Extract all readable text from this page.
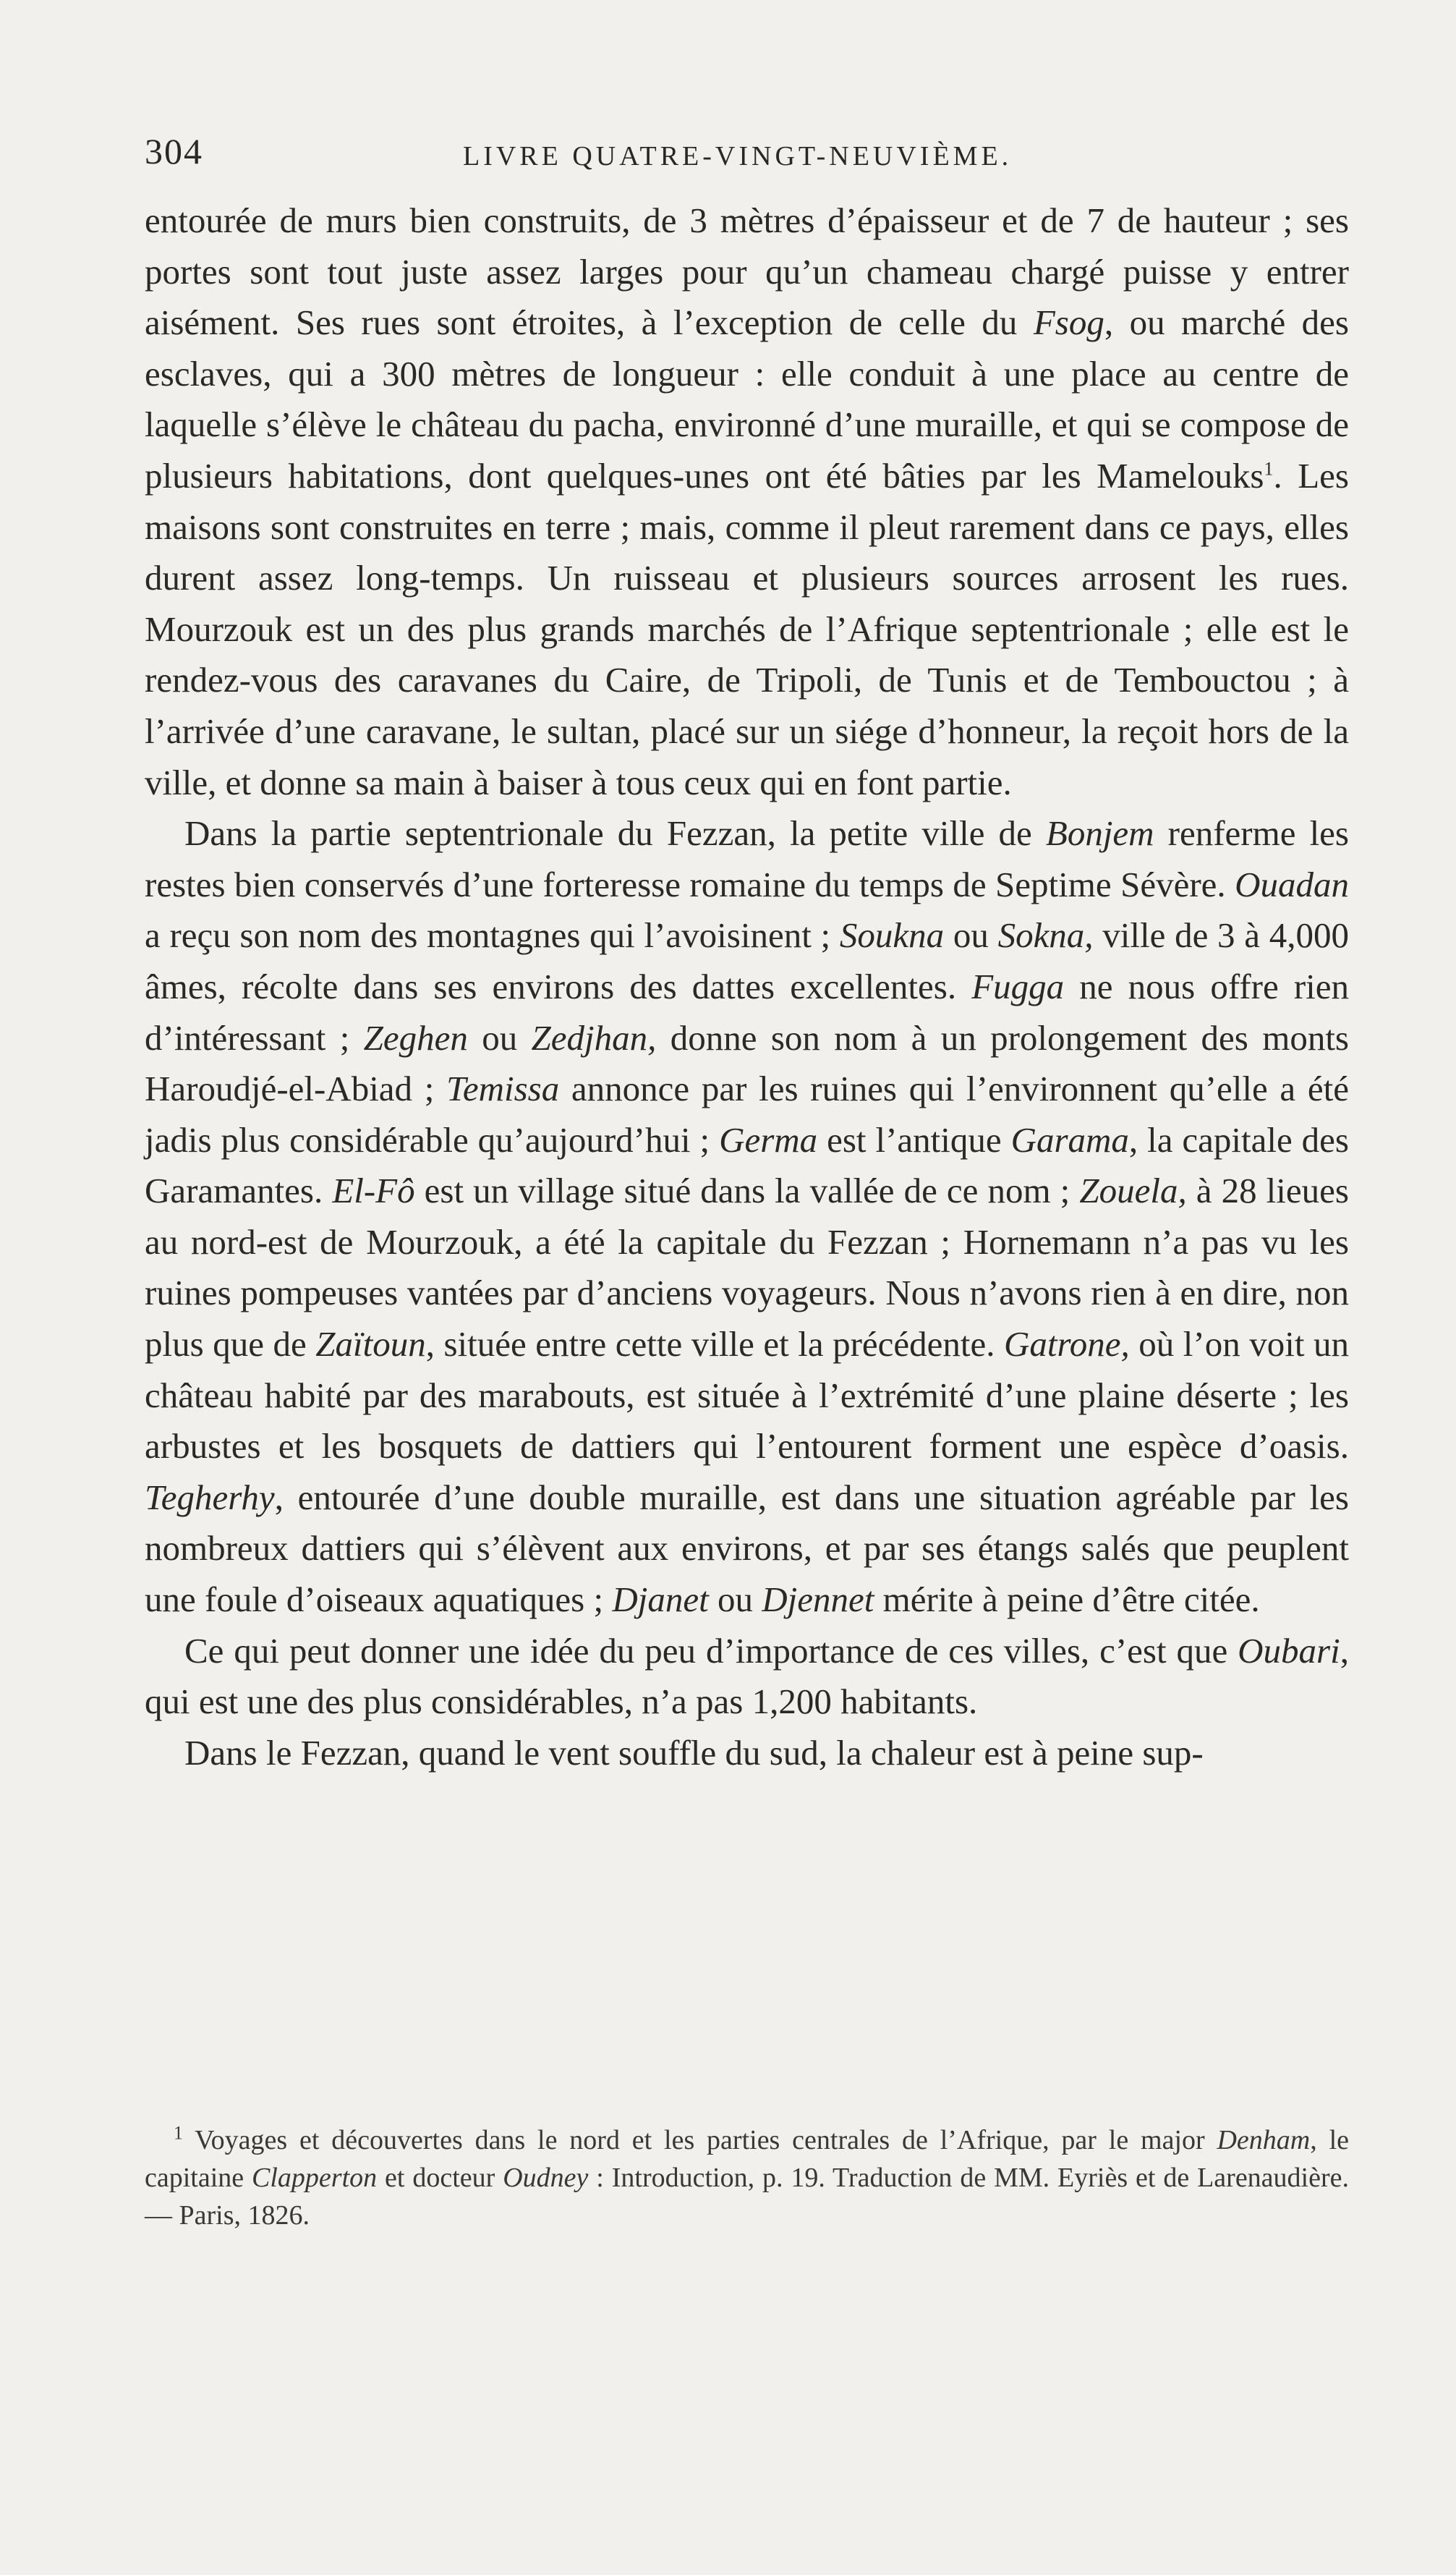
304	LIVRE QUATRE-VINGT-NEUVIÈME.

entourée de murs bien construits, de 3 mètres d’épaisseur et de 7 de hauteur ; ses portes sont tout juste assez larges pour qu’un chameau chargé puisse y entrer aisément. Ses rues sont étroites, à l’exception de celle du Fsog, ou marché des esclaves, qui a 300 mètres de longueur : elle conduit à une place au centre de laquelle s’élève le château du pacha, environné d’une muraille, et qui se compose de plusieurs habitations, dont quelques-unes ont été bâties par les Mamelouks$^1$. Les maisons sont construites en terre ; mais, comme il pleut rarement dans ce pays, elles durent assez long-temps. Un ruisseau et plusieurs sources arrosent les rues. Mourzouk est un des plus grands marchés de l’Afrique septentrionale ; elle est le rendez-vous des caravanes du Caire, de Tripoli, de Tunis et de Tembouctou ; à l’arrivée d’une caravane, le sultan, placé sur un siége d’honneur, la reçoit hors de la ville, et donne sa main à baiser à tous ceux qui en font partie.

Dans la partie septentrionale du Fezzan, la petite ville de Bonjem renferme les restes bien conservés d’une forteresse romaine du temps de Septime Sévère. Ouadan a reçu son nom des montagnes qui l’avoisinent ; Soukna ou Sokna, ville de 3 à 4,000 âmes, récolte dans ses environs des dattes excellentes. Fugga ne nous offre rien d’intéressant ; Zeghen ou Zedjhan, donne son nom à un prolongement des monts Haroudjé-el-Abiad ; Temissa annonce par les ruines qui l’environnent qu’elle a été jadis plus considérable qu’aujourd’hui ; Germa est l’antique Garama, la capitale des Garamantes. El-Fô est un village situé dans la vallée de ce nom ; Zouela, à 28 lieues au nord-est de Mourzouk, a été la capitale du Fezzan ; Hornemann n’a pas vu les ruines pompeuses vantées par d’anciens voyageurs. Nous n’avons rien à en dire, non plus que de Zaïtoun, située entre cette ville et la précédente. Gatrone, où l’on voit un château habité par des marabouts, est située à l’extrémité d’une plaine déserte ; les arbustes et les bosquets de dattiers qui l’entourent forment une espèce d’oasis. Tegherhy, entourée d’une double muraille, est dans une situation agréable par les nombreux dattiers qui s’élèvent aux environs, et par ses étangs salés que peuplent une foule d’oiseaux aquatiques ; Djanet ou Djennet mérite à peine d’être citée.

Ce qui peut donner une idée du peu d’importance de ces villes, c’est que Oubari, qui est une des plus considérables, n’a pas 1,200 habitants.

Dans le Fezzan, quand le vent souffle du sud, la chaleur est à peine sup-

$^1$ Voyages et découvertes dans le nord et les parties centrales de l’Afrique, par le major Denham, le capitaine Clapperton et docteur Oudney : Introduction, p. 19. Traduction de MM. Eyriès et de Larenaudière. — Paris, 1826.
